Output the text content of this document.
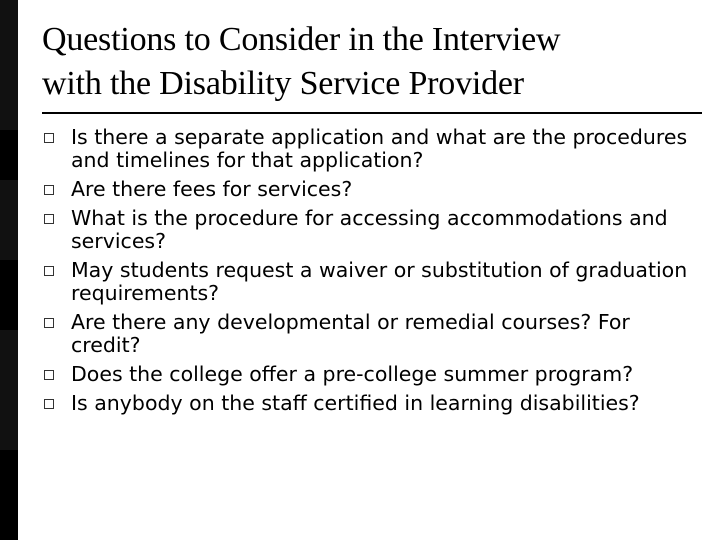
Questions to Consider in the Interview
with the Disability Service Provider
Is there a separate application and what are the procedures and timelines for that application?
Are there fees for services?
What is the procedure for accessing accommodations and services?
May students request a waiver or substitution of graduation requirements?
Are there any developmental or remedial courses? For credit?
Does the college offer a pre-college summer program?
Is anybody on the staff certified in learning disabilities?
